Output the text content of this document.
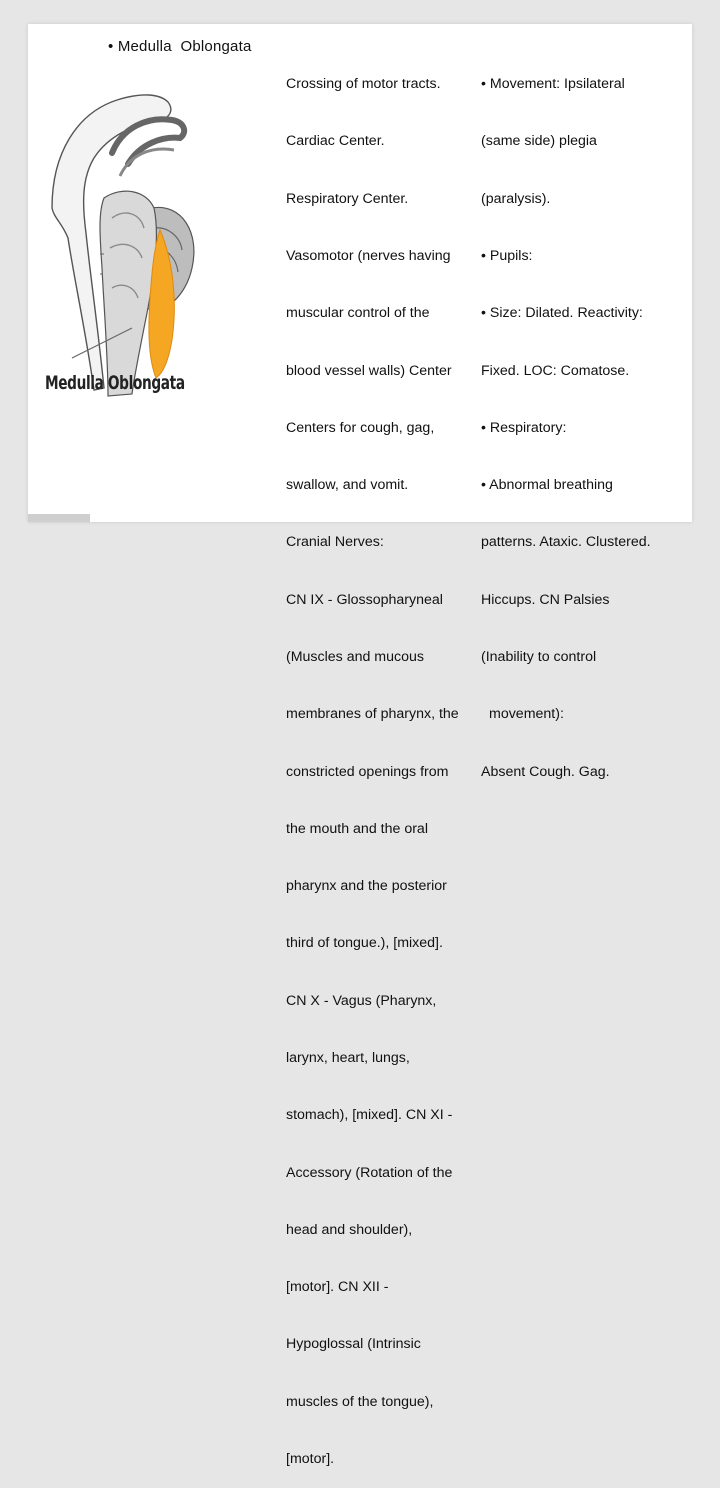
• Medulla  Oblongata
Medulla Oblongata

Crossing of motor tracts.

Cardiac Center.

Respiratory Center.

Vasomotor (nerves having

muscular control of the

blood vessel walls) Center

Centers for cough, gag,

swallow, and vomit.

Cranial Nerves:

CN IX - Glossopharyneal

(Muscles and mucous

membranes of pharynx, the

constricted openings from

the mouth and the oral

pharynx and the posterior

third of tongue.), [mixed].

CN X - Vagus (Pharynx,

larynx, heart, lungs,

stomach), [mixed]. CN XI -

Accessory (Rotation of the

head and shoulder),

[motor]. CN XII -

Hypoglossal (Intrinsic

muscles of the tongue),

[motor].

• Movement: Ipsilateral

(same side) plegia

(paralysis).

• Pupils:

• Size: Dilated. Reactivity:

Fixed. LOC: Comatose.

• Respiratory:

• Abnormal breathing

patterns. Ataxic. Clustered.

Hiccups. CN Palsies

(Inability to control

movement):

Absent Cough. Gag.
